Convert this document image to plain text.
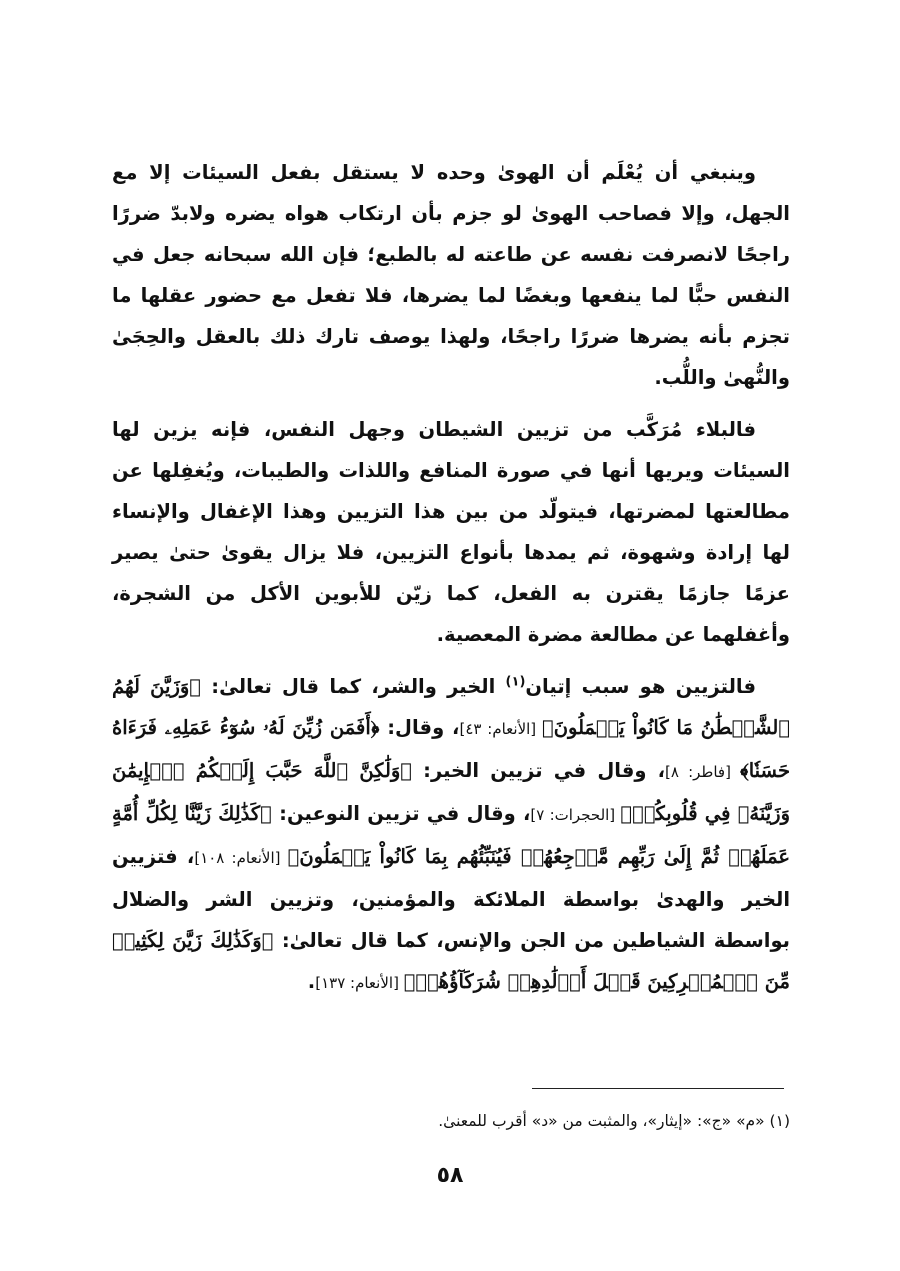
وينبغي أن يُعْلَم أن الهوىٰ وحده لا يستقل بفعل السيئات إلا مع الجهل، وإلا فصاحب الهوىٰ لو جزم بأن ارتكاب هواه يضره ولابدّ ضررًا راجحًا لانصرفت نفسه عن طاعته له بالطبع؛ فإن الله سبحانه جعل في النفس حبًّا لما ينفعها وبغضًا لما يضرها، فلا تفعل مع حضور عقلها ما تجزم بأنه يضرها ضررًا راجحًا، ولهذا يوصف تارك ذلك بالعقل والحِجَىٰ والنُّهىٰ واللُّب.

فالبلاء مُرَكَّب من تزيين الشيطان وجهل النفس، فإنه يزين لها السيئات ويريها أنها في صورة المنافع واللذات والطيبات، ويُغفِلها عن مطالعتها لمضرتها، فيتولّد من بين هذا التزيين وهذا الإغفال والإنساء لها إرادة وشهوة، ثم يمدها بأنواع التزيين، فلا يزال يقوىٰ حتىٰ يصير عزمًا جازمًا يقترن به الفعل، كما زيّن للأبوين الأكل من الشجرة، وأغفلهما عن مطالعة مضرة المعصية.

فالتزيين هو سبب إتيان$^{(١)}$ الخير والشر، كما قال تعالىٰ: ﴿وَزَيَّنَ لَهُمُ ٱلشَّيۡطَٰنُ مَا كَانُواْ يَعۡمَلُونَ﴾ [الأنعام: ٤٣]، وقال: ﴿أَفَمَن زُيِّنَ لَهُۥ سُوٓءُ عَمَلِهِۦ فَرَءَاهُ حَسَنٗا﴾ [فاطر: ٨]، وقال في تزيين الخير: ﴿وَلَٰكِنَّ ٱللَّهَ حَبَّبَ إِلَيۡكُمُ ٱلۡإِيمَٰنَ وَزَيَّنَهُۥ فِي قُلُوبِكُمۡ﴾ [الحجرات: ٧]، وقال في تزيين النوعين: ﴿كَذَٰلِكَ زَيَّنَّا لِكُلِّ أُمَّةٍ عَمَلَهُمۡ ثُمَّ إِلَىٰ رَبِّهِم مَّرۡجِعُهُمۡ فَيُنَبِّئُهُم بِمَا كَانُواْ يَعۡمَلُونَ﴾ [الأنعام: ١٠٨]، فتزيين الخير والهدىٰ بواسطة الملائكة والمؤمنين، وتزيين الشر والضلال بواسطة الشياطين من الجن والإنس، كما قال تعالىٰ: ﴿وَكَذَٰلِكَ زَيَّنَ لِكَثِيرٖ مِّنَ ٱلۡمُشۡرِكِينَ قَتۡلَ أَوۡلَٰدِهِمۡ شُرَكَآؤُهُمۡ﴾ [الأنعام: ١٣٧].

(١) «م» «ج»: «إيثار»، والمثبت من «د» أقرب للمعنىٰ.

٥٨
